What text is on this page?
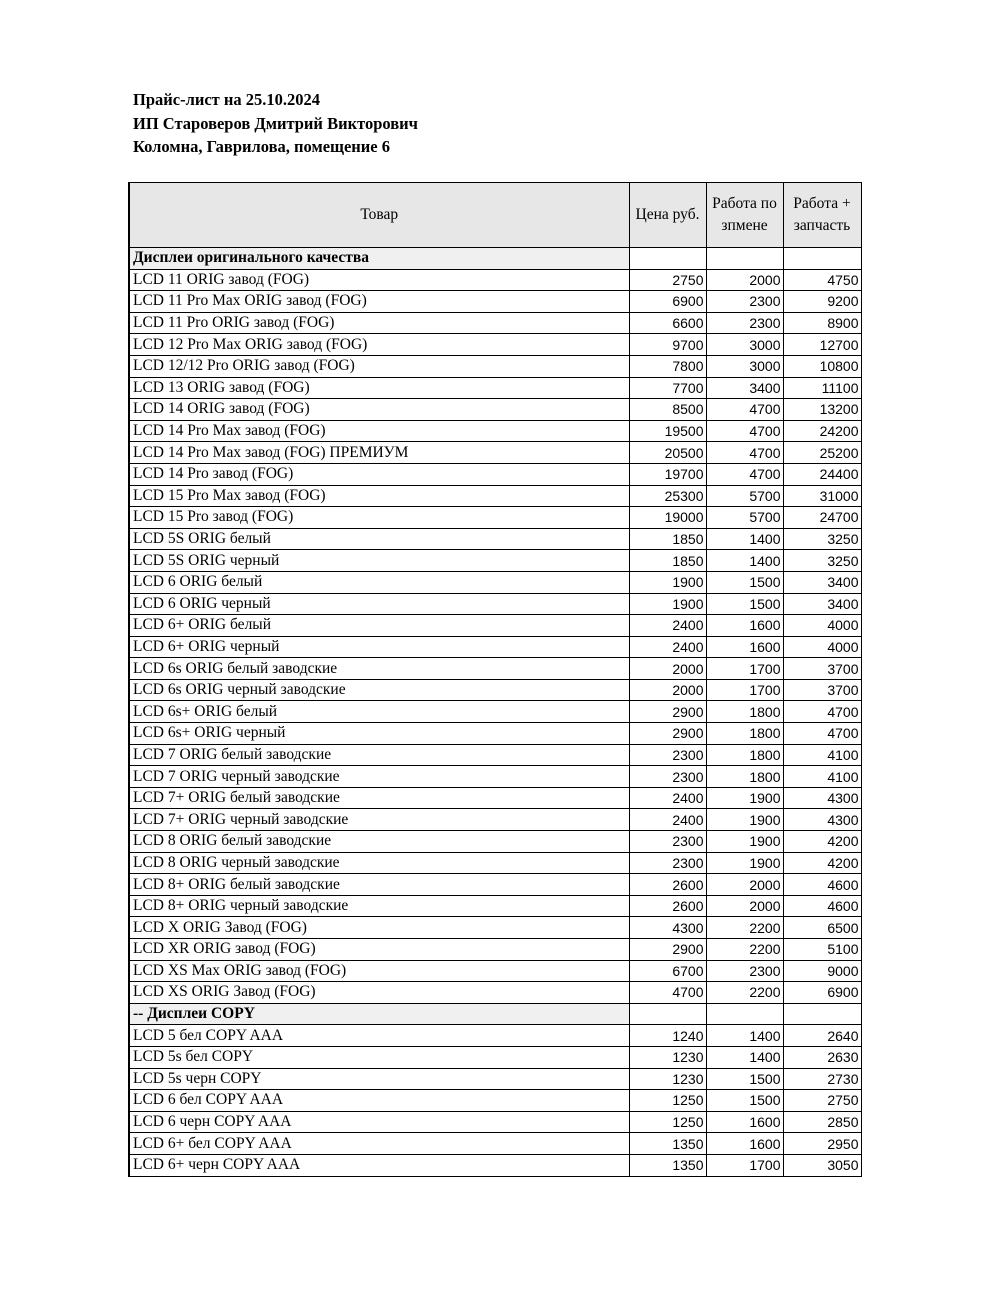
Прайс-лист на 25.10.2024
ИП Староверов Дмитрий Викторович
Коломна, Гаврилова, помещение 6
Товар	Цена руб.	Работа по зпмене	Работа + запчасть

Дисплеи оригинального качества			
LCD 11 ORIG завод (FOG)	2750	2000	4750
LCD 11 Pro Max ORIG завод (FOG)	6900	2300	9200
LCD 11 Pro ORIG завод (FOG)	6600	2300	8900
LCD 12 Pro Max ORIG завод (FOG)	9700	3000	12700
LCD 12/12 Pro ORIG завод (FOG)	7800	3000	10800
LCD 13 ORIG завод (FOG)	7700	3400	11100
LCD 14 ORIG завод (FOG)	8500	4700	13200
LCD 14 Pro Max завод (FOG)	19500	4700	24200
LCD 14 Pro Max завод (FOG) ПРЕМИУМ	20500	4700	25200
LCD 14 Pro завод (FOG)	19700	4700	24400
LCD 15 Pro Max завод (FOG)	25300	5700	31000
LCD 15 Pro завод (FOG)	19000	5700	24700
LCD 5S ORIG белый	1850	1400	3250
LCD 5S ORIG черный	1850	1400	3250
LCD 6 ORIG белый	1900	1500	3400
LCD 6 ORIG черный	1900	1500	3400
LCD 6+ ORIG белый	2400	1600	4000
LCD 6+ ORIG черный	2400	1600	4000
LCD 6s ORIG белый заводские	2000	1700	3700
LCD 6s ORIG черный заводские	2000	1700	3700
LCD 6s+ ORIG белый	2900	1800	4700
LCD 6s+ ORIG черный	2900	1800	4700
LCD 7 ORIG белый заводские	2300	1800	4100
LCD 7 ORIG черный заводские	2300	1800	4100
LCD 7+ ORIG белый заводские	2400	1900	4300
LCD 7+ ORIG черный заводские	2400	1900	4300
LCD 8 ORIG белый заводские	2300	1900	4200
LCD 8 ORIG черный заводские	2300	1900	4200
LCD 8+ ORIG белый заводские	2600	2000	4600
LCD 8+ ORIG черный заводские	2600	2000	4600
LCD X ORIG Завод (FOG)	4300	2200	6500
LCD XR ORIG завод (FOG)	2900	2200	5100
LCD XS Max ORIG завод (FOG)	6700	2300	9000
LCD XS ORIG Завод (FOG)	4700	2200	6900
-- Дисплеи COPY			
LCD 5 бел COPY AAA	1240	1400	2640
LCD 5s бел COPY	1230	1400	2630
LCD 5s черн COPY	1230	1500	2730
LCD 6 бел COPY AAA	1250	1500	2750
LCD 6 черн COPY AAA	1250	1600	2850
LCD 6+ бел COPY AAA	1350	1600	2950
LCD 6+ черн COPY AAA	1350	1700	3050
